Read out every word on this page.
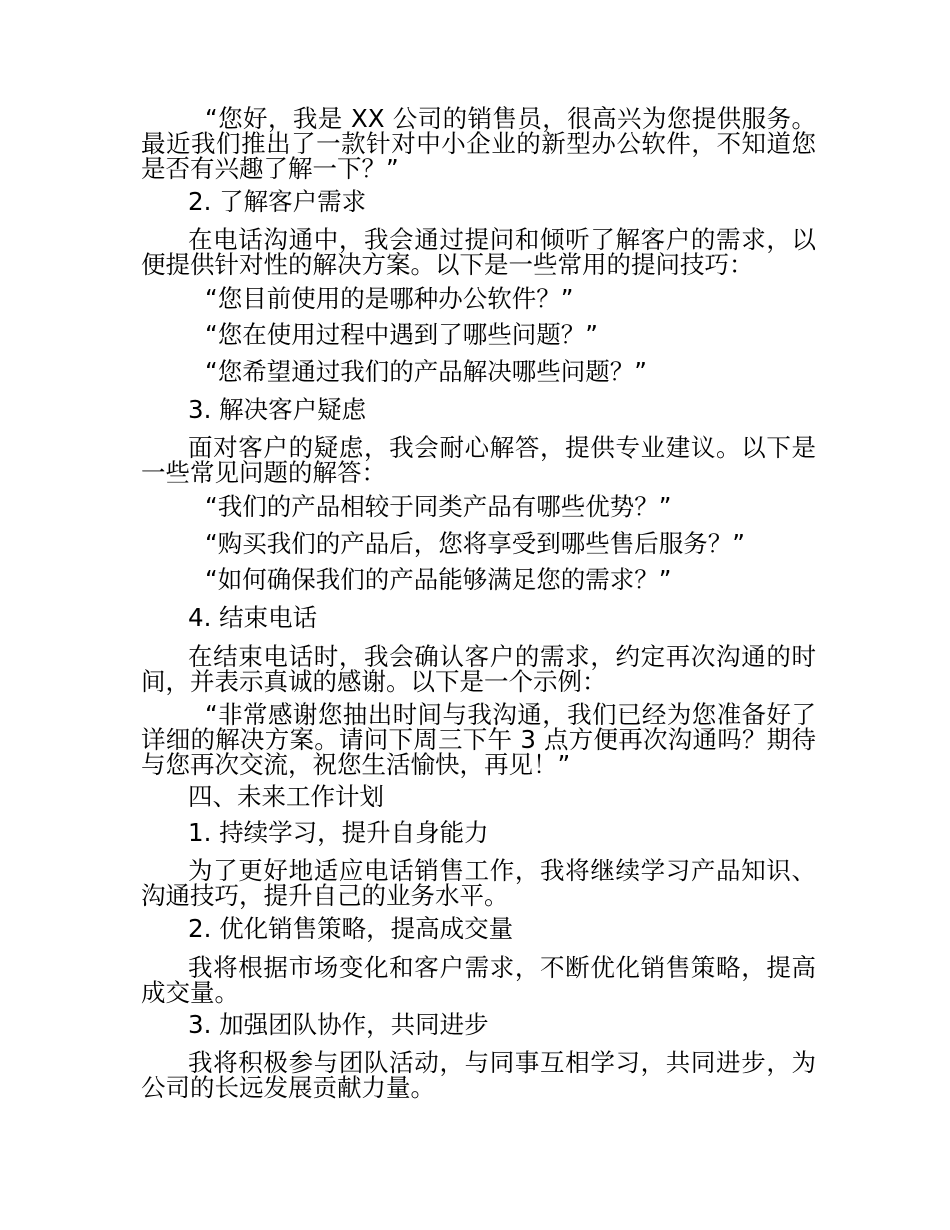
“您好，我是 XX 公司的销售员，很高兴为您提供服务。最近我们推出了一款针对中小企业的新型办公软件，不知道您是否有兴趣了解一下？”

2. 了解客户需求

在电话沟通中，我会通过提问和倾听了解客户的需求，以便提供针对性的解决方案。以下是一些常用的提问技巧：

“您目前使用的是哪种办公软件？”

“您在使用过程中遇到了哪些问题？”

“您希望通过我们的产品解决哪些问题？”

3. 解决客户疑虑

面对客户的疑虑，我会耐心解答，提供专业建议。以下是一些常见问题的解答：

“我们的产品相较于同类产品有哪些优势？”

“购买我们的产品后，您将享受到哪些售后服务？”

“如何确保我们的产品能够满足您的需求？”

4. 结束电话

在结束电话时，我会确认客户的需求，约定再次沟通的时间，并表示真诚的感谢。以下是一个示例：

“非常感谢您抽出时间与我沟通，我们已经为您准备好了详细的解决方案。请问下周三下午 3 点方便再次沟通吗？期待与您再次交流，祝您生活愉快，再见！”

四、未来工作计划

1. 持续学习，提升自身能力

为了更好地适应电话销售工作，我将继续学习产品知识、沟通技巧，提升自己的业务水平。

2. 优化销售策略，提高成交量

我将根据市场变化和客户需求，不断优化销售策略，提高成交量。

3. 加强团队协作，共同进步

我将积极参与团队活动，与同事互相学习，共同进步，为公司的长远发展贡献力量。
